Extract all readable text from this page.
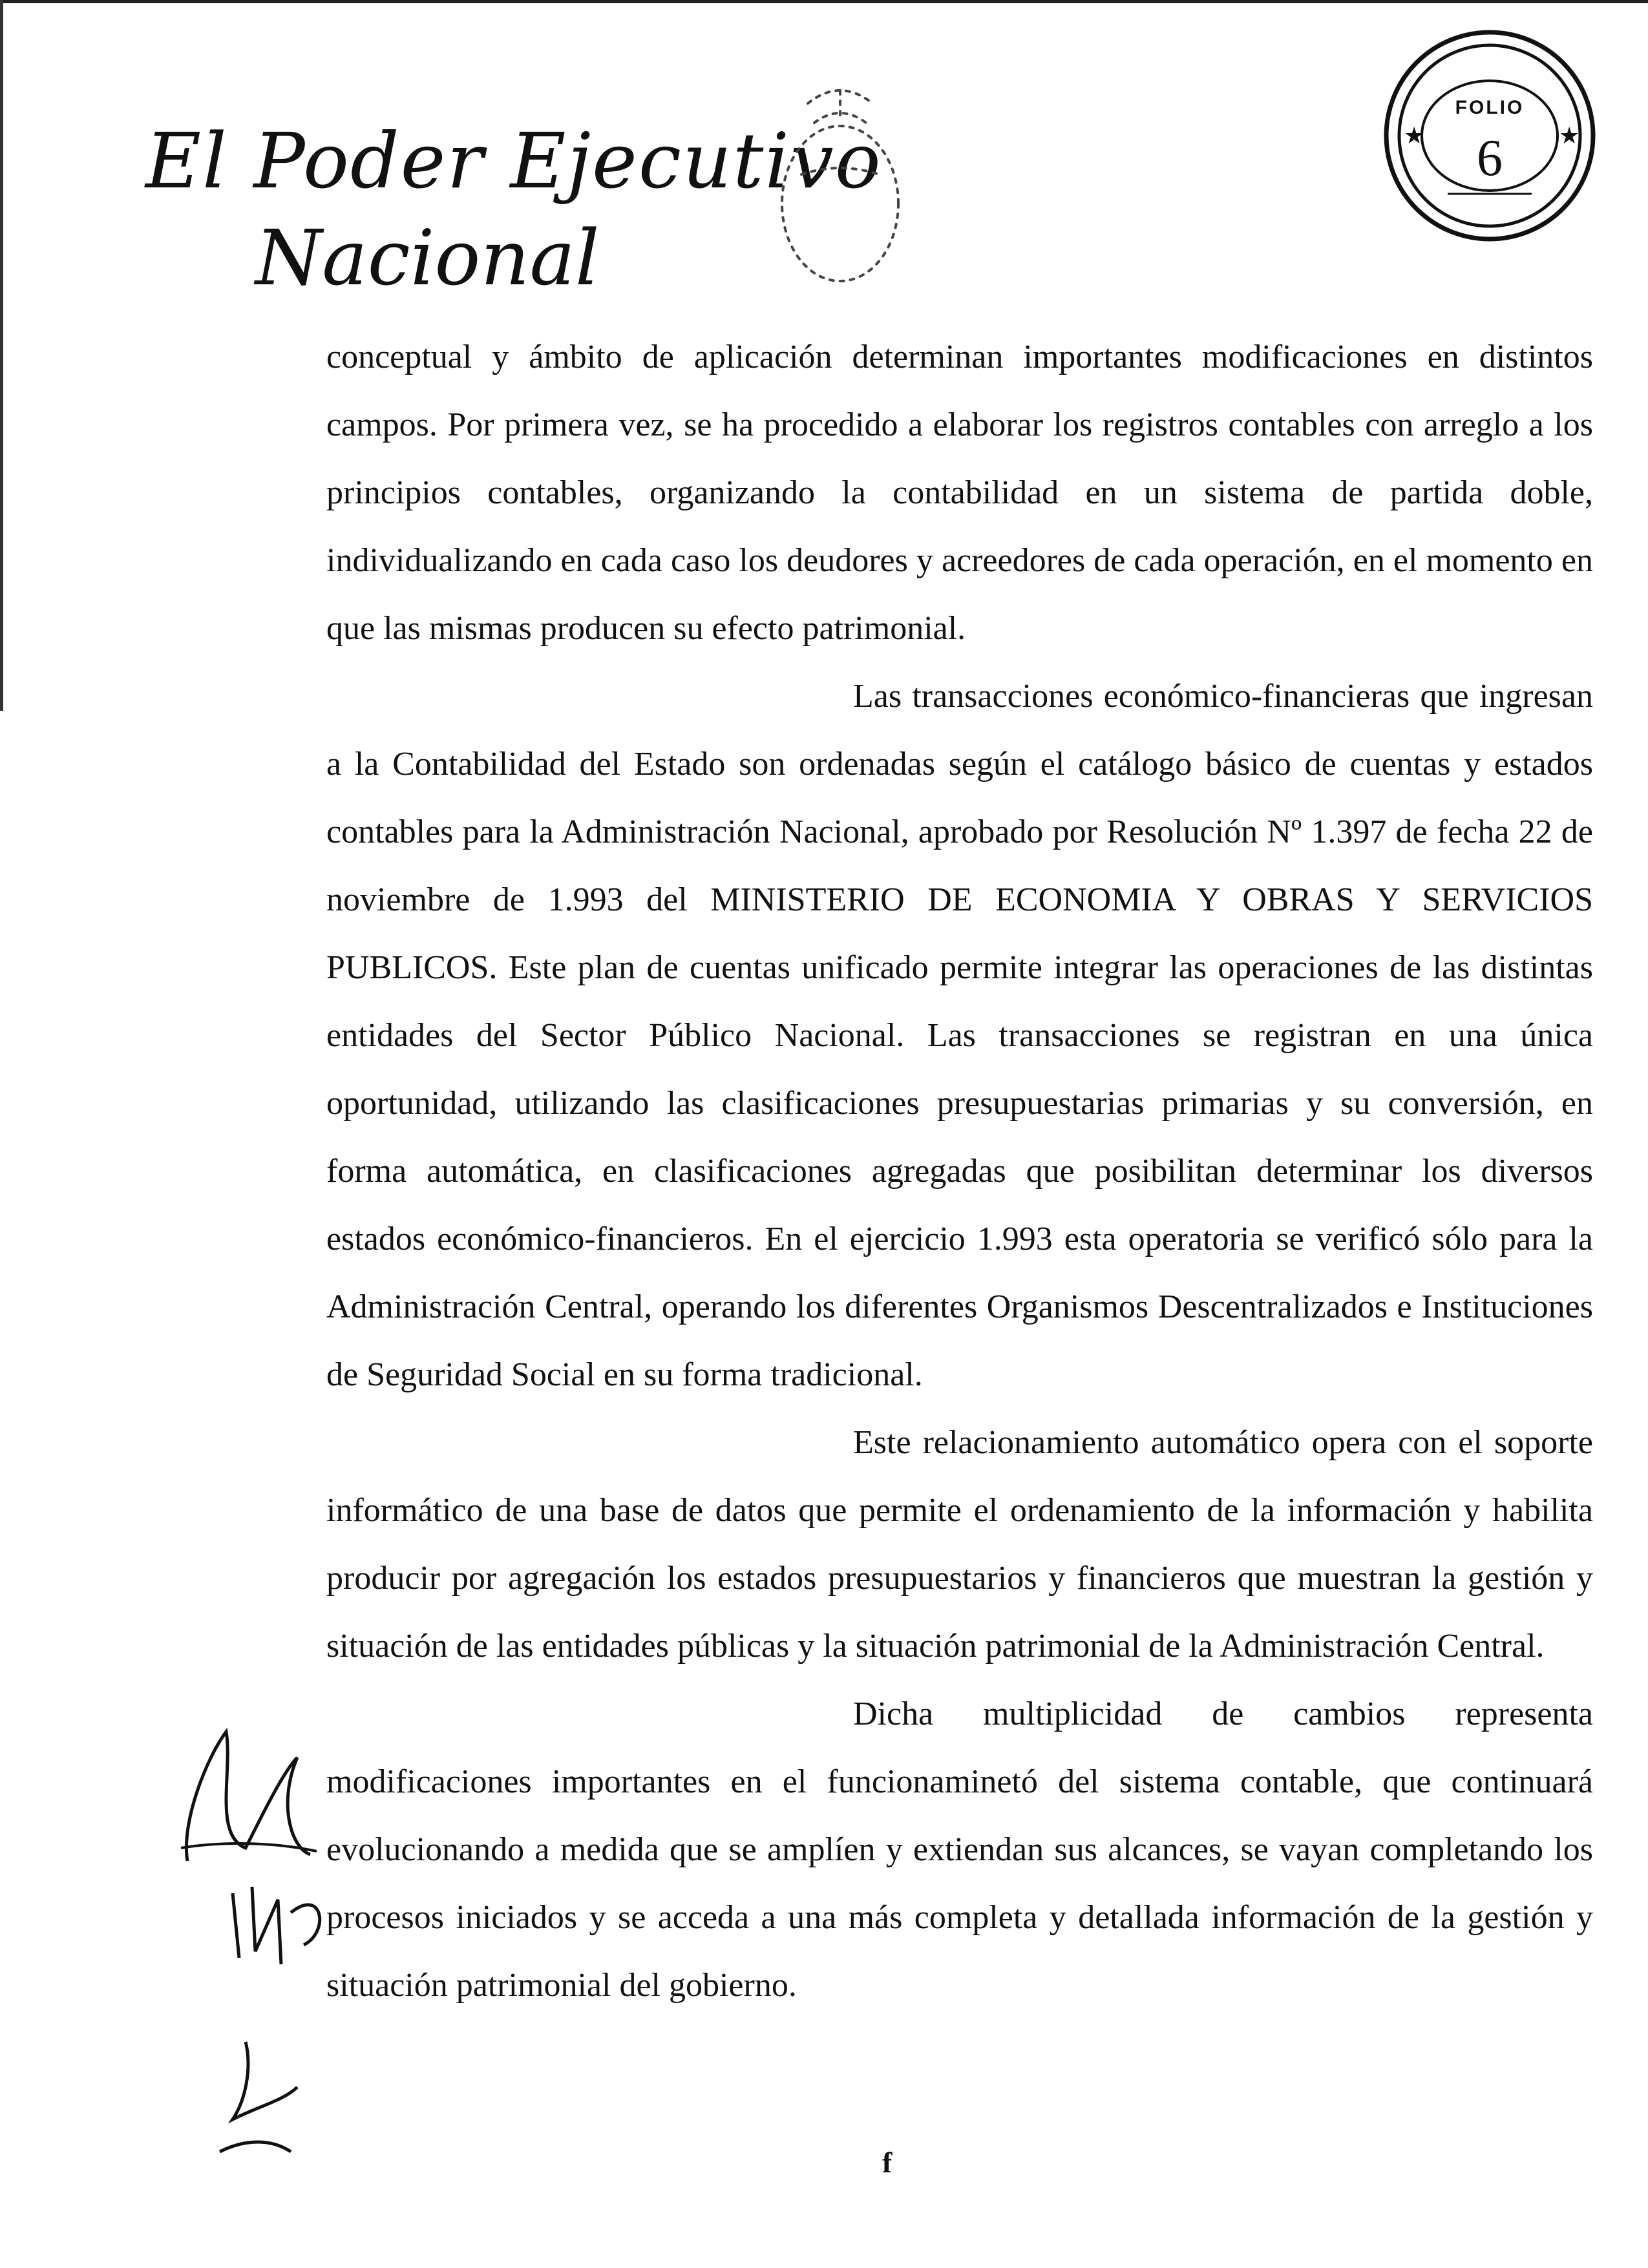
El Poder Ejecutivo
Nacional
★	★
FOLIO
6

conceptual y ámbito de aplicación determinan importantes modificaciones en distintos campos. Por primera vez, se ha procedido a elaborar los registros contables con arreglo a los principios contables, organizando la contabilidad en un sistema de partida doble, individualizando en cada caso los deudores y acreedores de cada operación, en el momento en que las mismas producen su efecto patrimonial.

Las transacciones económico-financieras que ingresan a la Contabilidad del Estado son ordenadas según el catálogo básico de cuentas y estados contables para la Administración Nacional, aprobado por Resolución Nº 1.397 de fecha 22 de noviembre de 1.993 del MINISTERIO DE ECONOMIA Y OBRAS Y SERVICIOS PUBLICOS. Este plan de cuentas unificado permite integrar las operaciones de las distintas entidades del Sector Público Nacional. Las transacciones se registran en una única oportunidad, utilizando las clasificaciones presupuestarias primarias y su conversión, en forma automática, en clasificaciones agregadas que posibilitan determinar los diversos estados económico-financieros. En el ejercicio 1.993 esta operatoria se verificó sólo para la Administración Central, operando los diferentes Organismos Descentralizados e Instituciones de Seguridad Social en su forma tradicional.

Este relacionamiento automático opera con el soporte informático de una base de datos que permite el ordenamiento de la información y habilita producir por agregación los estados presupuestarios y financieros que muestran la gestión y situación de las entidades públicas y la situación patrimonial de la Administración Central.

Dicha multiplicidad de cambios representa modificaciones importantes en el funcionaminetó del sistema contable, que continuará evolucionando a medida que se amplíen y extiendan sus alcances, se vayan completando los procesos iniciados y se acceda a una más completa y detallada información de la gestión y situación patrimonial del gobierno.

f
